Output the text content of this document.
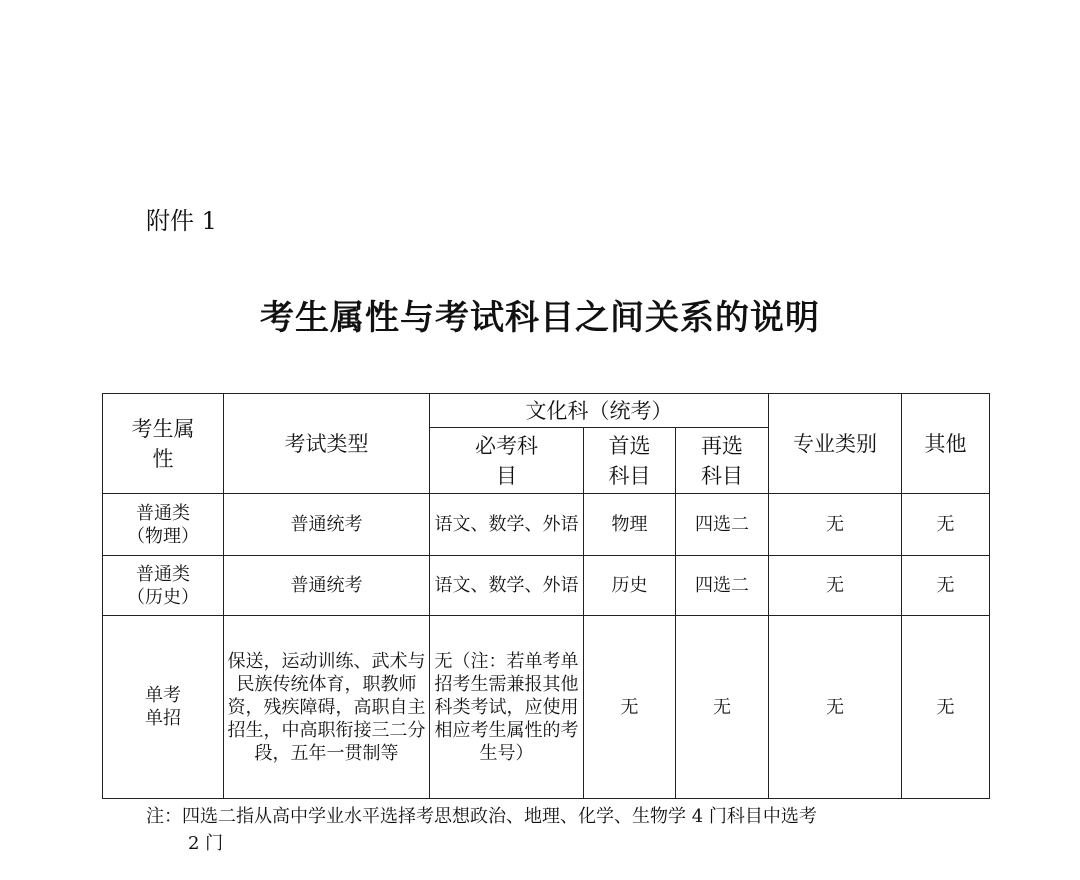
附件 1
考生属性与考试科目之间关系的说明
考生属性	考试类型	文化科（统考）			专业类别	其他
		必考科目	首选科目	再选科目		
普通类（物理）	普通统考	语文、数学、外语	物理	四选二	无	无
普通类（历史）	普通统考	语文、数学、外语	历史	四选二	无	无
单考单招	保送，运动训练、武术与民族传统体育，职教师资，残疾障碍，高职自主招生，中高职衔接三二分段，五年一贯制等	无（注：若单考单招考生需兼报其他科类考试，应使用相应考生属性的考生号）	无	无	无	无
注：四选二指从高中学业水平选择考思想政治、地理、化学、生物学 4 门科目中选考
2 门
